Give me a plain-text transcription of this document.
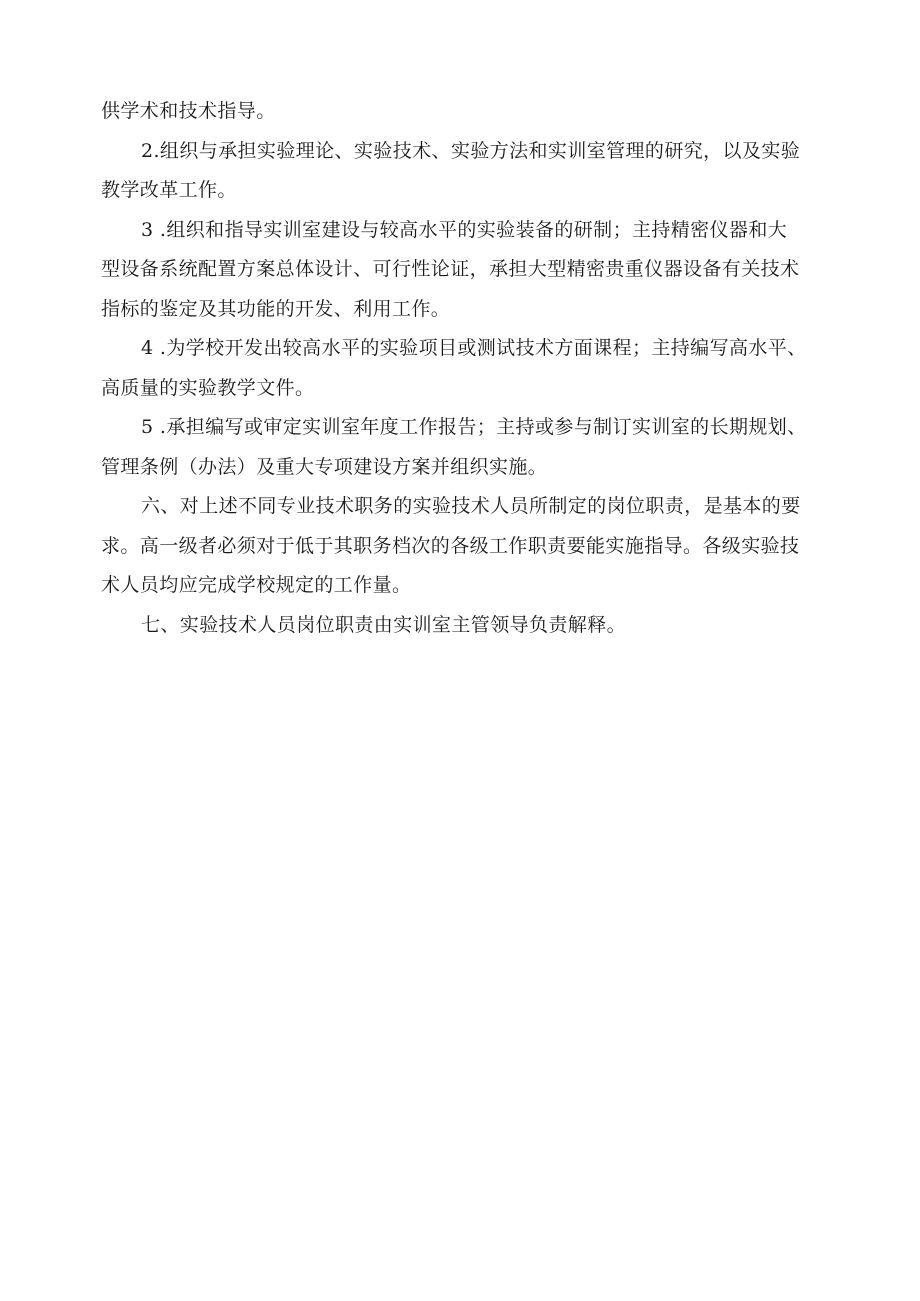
供学术和技术指导。

2.组织与承担实验理论、实验技术、实验方法和实训室管理的研究，以及实验
教学改革工作。

3 .组织和指导实训室建设与较高水平的实验装备的研制；主持精密仪器和大
型设备系统配置方案总体设计、可行性论证，承担大型精密贵重仪器设备有关技术
指标的鉴定及其功能的开发、利用工作。

4 .为学校开发出较高水平的实验项目或测试技术方面课程；主持编写高水平、
高质量的实验教学文件。

5 .承担编写或审定实训室年度工作报告；主持或参与制订实训室的长期规划、
管理条例（办法）及重大专项建设方案并组织实施。

六、对上述不同专业技术职务的实验技术人员所制定的岗位职责，是基本的要
求。高一级者必须对于低于其职务档次的各级工作职责要能实施指导。各级实验技
术人员均应完成学校规定的工作量。

七、实验技术人员岗位职责由实训室主管领导负责解释。
